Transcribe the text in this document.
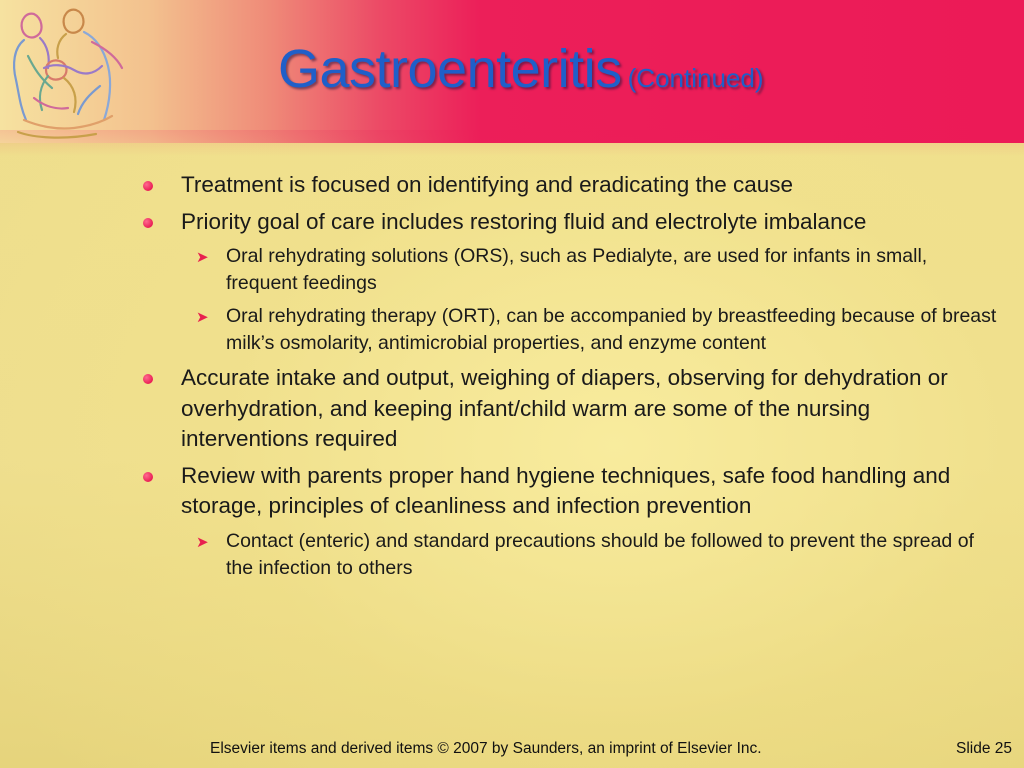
Gastroenteritis (Continued)
Treatment is focused on identifying and eradicating the cause
Priority goal of care includes restoring fluid and electrolyte imbalance
➤ Oral rehydrating solutions (ORS), such as Pedialyte, are used for infants in small, frequent feedings
➤ Oral rehydrating therapy (ORT), can be accompanied by breastfeeding because of breast milk’s osmolarity, antimicrobial properties, and enzyme content
Accurate intake and output, weighing of diapers, observing for dehydration or overhydration, and keeping infant/child warm are some of the nursing interventions required
Review with parents proper hand hygiene techniques, safe food handling and storage, principles of cleanliness and infection prevention
➤ Contact (enteric) and standard precautions should be followed to prevent the spread of the infection to others
Elsevier items and derived items © 2007 by Saunders, an imprint of Elsevier Inc.	Slide 25
